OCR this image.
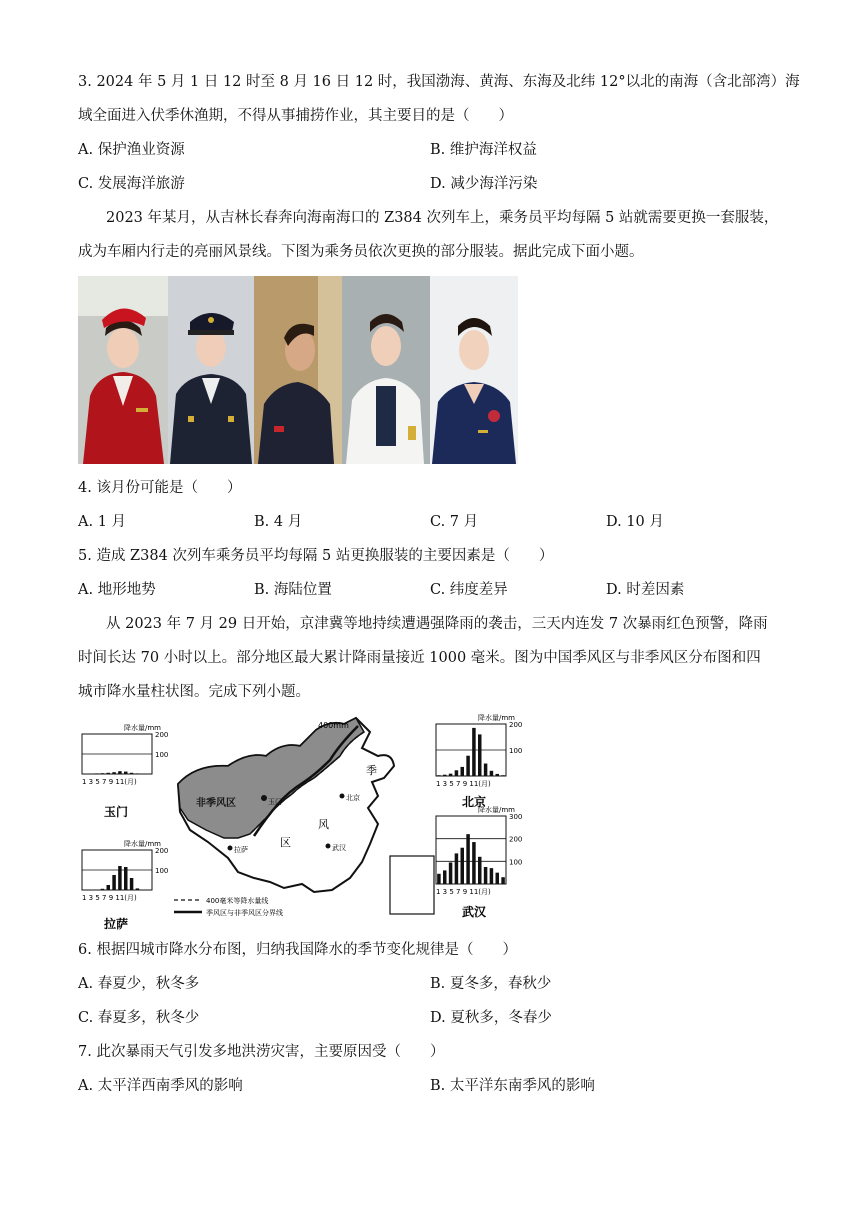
3. 2024 年 5 月 1 日 12 时至 8 月 16 日 12 时，我国渤海、黄海、东海及北纬 12°以北的南海（含北部湾）海
域全面进入伏季休渔期，不得从事捕捞作业，其主要目的是（　　）
A. 保护渔业资源	B. 维护海洋权益
C. 发展海洋旅游	D. 减少海洋污染
2023 年某月，从吉林长春奔向海南海口的 Z384 次列车上，乘务员平均每隔 5 站就需要更换一套服装，
成为车厢内行走的亮丽风景线。下图为乘务员依次更换的部分服装。据此完成下面小题。
4. 该月份可能是（　　）
A. 1 月	B. 4 月	C. 7 月	D. 10 月
5. 造成 Z384 次列车乘务员平均每隔 5 站更换服装的主要因素是（　　）
A. 地形地势	B. 海陆位置	C. 纬度差异	D. 时差因素
从 2023 年 7 月 29 日开始，京津冀等地持续遭遇强降雨的袭击，三天内连发 7 次暴雨红色预警，降雨
时间长达 70 小时以上。部分地区最大累计降雨量接近 1000 毫米。图为中国季风区与非季风区分布图和四
城市降水量柱状图。完成下列小题。
400mm
非季风区	玉门
拉萨
北京
武汉
季
风
区
400毫米等降水量线
季风区与非季风区分界线
降水量/mm
200
100
1 3 5 7 9 11(月)
玉门
降水量/mm
200
100
1 3 5 7 9 11(月)
拉萨
降水量/mm
200
100
1 3 5 7 9 11(月)
北京
降水量/mm
300
200
100
1 3 5 7 9 11(月)
武汉
6. 根据四城市降水分布图，归纳我国降水的季节变化规律是（　　）
A. 春夏少，秋冬多	B. 夏冬多，春秋少
C. 春夏多，秋冬少	D. 夏秋多，冬春少
7. 此次暴雨天气引发多地洪涝灾害，主要原因受（　　）
A. 太平洋西南季风的影响	B. 太平洋东南季风的影响
